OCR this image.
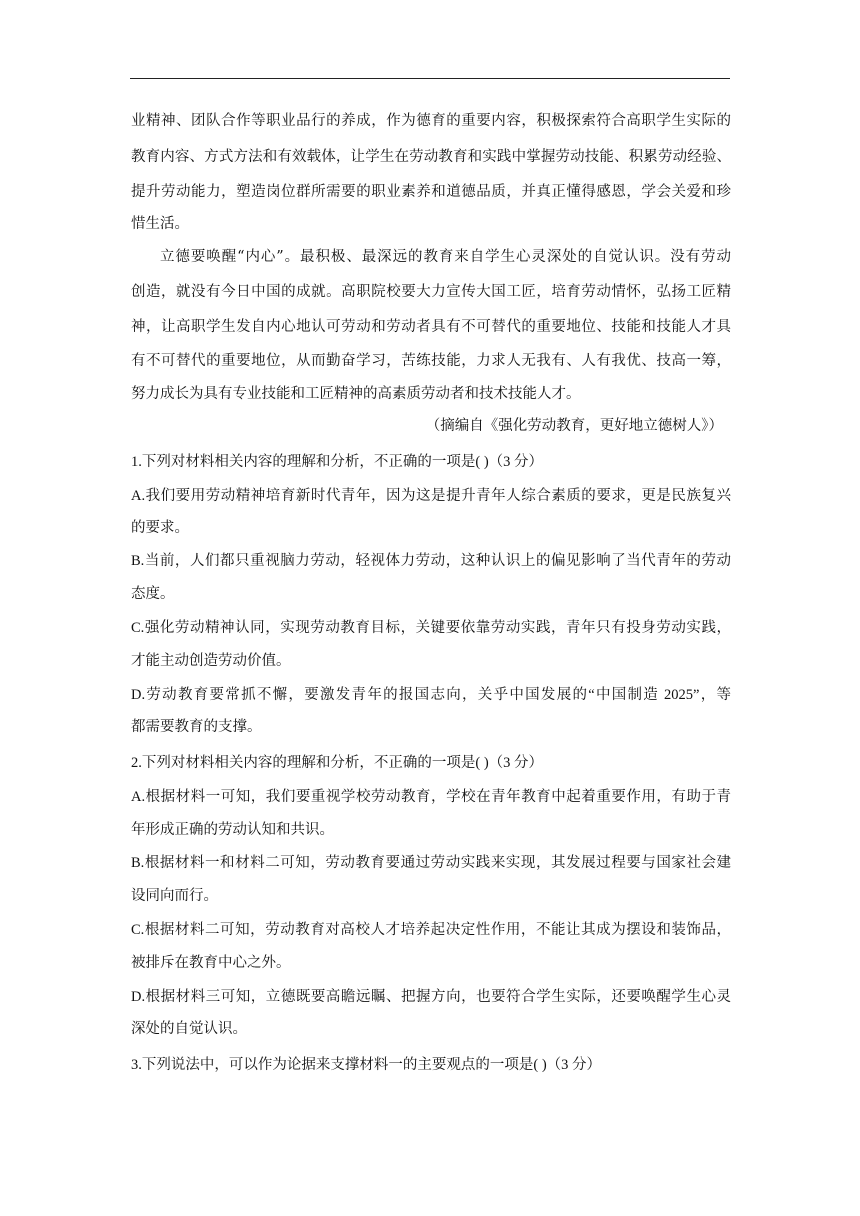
业精神、团队合作等职业品行的养成，作为德育的重要内容，积极探索符合高职学生实际的
教育内容、方式方法和有效载体，让学生在劳动教育和实践中掌握劳动技能、积累劳动经验、
提升劳动能力，塑造岗位群所需要的职业素养和道德品质，并真正懂得感恩，学会关爱和珍
惜生活。
立德要唤醒“内心”。最积极、最深远的教育来自学生心灵深处的自觉认识。没有劳动
创造，就没有今日中国的成就。高职院校要大力宣传大国工匠，培育劳动情怀，弘扬工匠精
神，让高职学生发自内心地认可劳动和劳动者具有不可替代的重要地位、技能和技能人才具
有不可替代的重要地位，从而勤奋学习，苦练技能，力求人无我有、人有我优、技高一筹，
努力成长为具有专业技能和工匠精神的高素质劳动者和技术技能人才。
（摘编自《强化劳动教育，更好地立德树人》）
1.下列对材料相关内容的理解和分析，不正确的一项是( )（3 分）
A.我们要用劳动精神培育新时代青年，因为这是提升青年人综合素质的要求，更是民族复兴
的要求。
B.当前，人们都只重视脑力劳动，轻视体力劳动，这种认识上的偏见影响了当代青年的劳动
态度。
C.强化劳动精神认同，实现劳动教育目标，关键要依靠劳动实践，青年只有投身劳动实践，
才能主动创造劳动价值。
D.劳动教育要常抓不懈，要激发青年的报国志向，关乎中国发展的“中国制造 2025”，等
都需要教育的支撑。
2.下列对材料相关内容的理解和分析，不正确的一项是( )（3 分）
A.根据材料一可知，我们要重视学校劳动教育，学校在青年教育中起着重要作用，有助于青
年形成正确的劳动认知和共识。
B.根据材料一和材料二可知，劳动教育要通过劳动实践来实现，其发展过程要与国家社会建
设同向而行。
C.根据材料二可知，劳动教育对高校人才培养起决定性作用，不能让其成为摆设和装饰品，
被排斥在教育中心之外。
D.根据材料三可知，立德既要高瞻远瞩、把握方向，也要符合学生实际，还要唤醒学生心灵
深处的自觉认识。
3.下列说法中，可以作为论据来支撑材料一的主要观点的一项是( )（3 分）
